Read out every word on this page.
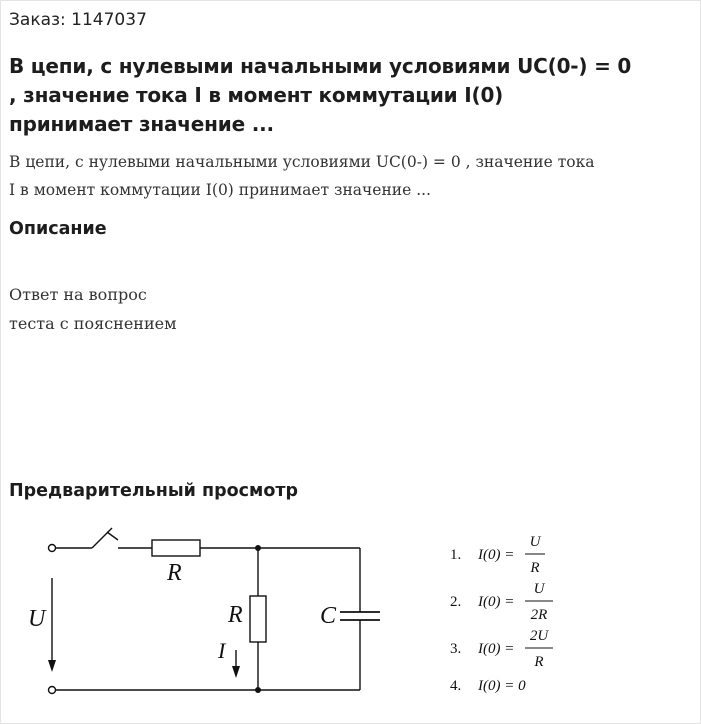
Заказ: 1147037
В цепи, с нулевыми начальными условиями UC(0-) = 0
, значение тока I в момент коммутации I(0)
принимает значение ...
В цепи, с нулевыми начальными условиями UC(0-) = 0 , значение тока
I в момент коммутации I(0) принимает значение ...
Описание
Ответ на вопрос
теста с пояснением
Предварительный просмотр
R
R	C
U
I
1. I(0) =
U
R
2. I(0) =
U
2R
3. I(0) =
2U
R
4. I(0) = 0
